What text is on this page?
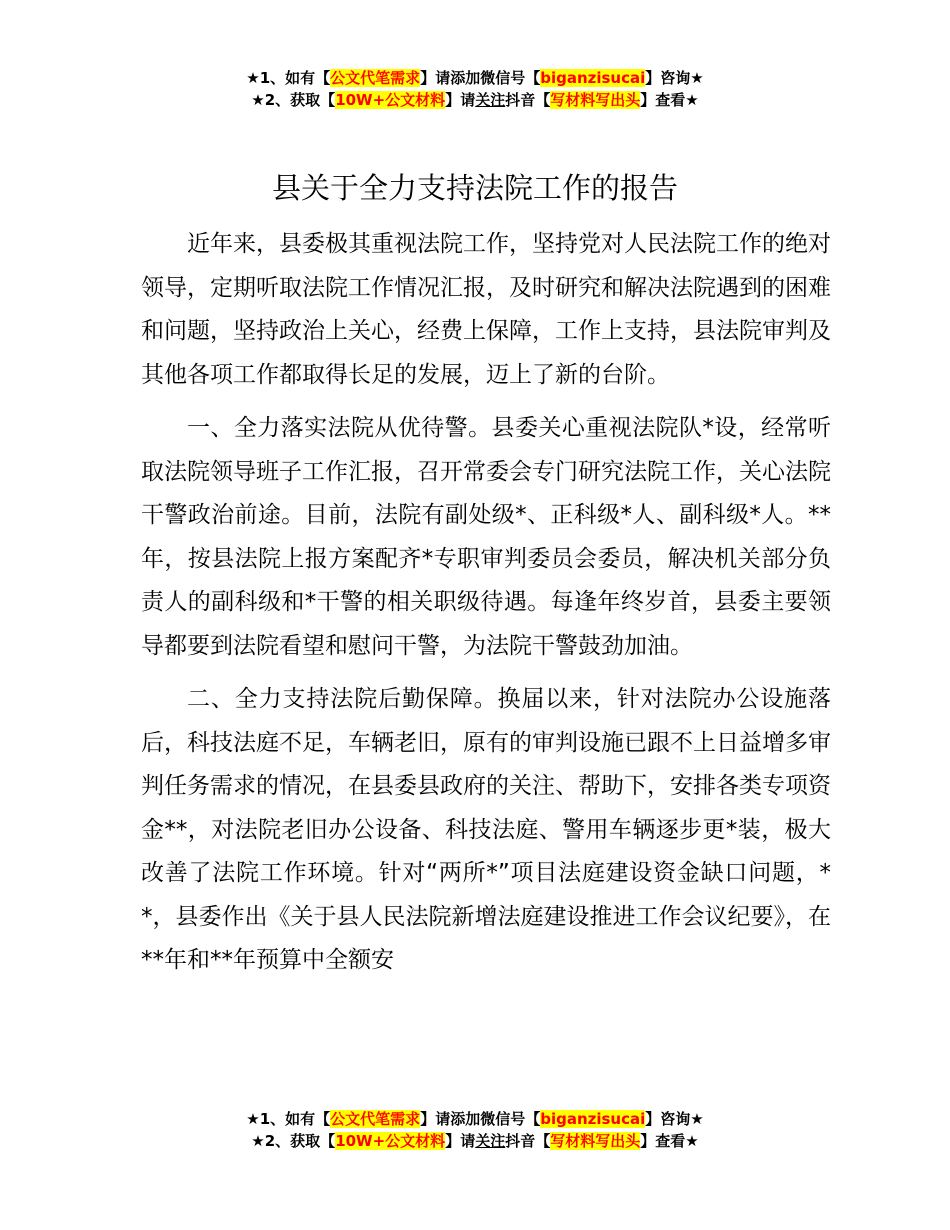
★1、如有【公文代笔需求】请添加微信号【biganzisucai】咨询★
★2、获取【10W+公文材料】请关注抖音【写材料写出头】查看★
县关于全力支持法院工作的报告

近年来，县委极其重视法院工作，坚持党对人民法院工作的绝对领导，定期听取法院工作情况汇报，及时研究和解决法院遇到的困难和问题，坚持政治上关心，经费上保障，工作上支持，县法院审判及其他各项工作都取得长足的发展，迈上了新的台阶。

一、全力落实法院从优待警。县委关心重视法院队*设，经常听取法院领导班子工作汇报，召开常委会专门研究法院工作，关心法院干警政治前途。目前，法院有副处级*、正科级*人、副科级*人。**年，按县法院上报方案配齐*专职审判委员会委员，解决机关部分负责人的副科级和*干警的相关职级待遇。每逢年终岁首，县委主要领导都要到法院看望和慰问干警，为法院干警鼓劲加油。

二、全力支持法院后勤保障。换届以来，针对法院办公设施落后，科技法庭不足，车辆老旧，原有的审判设施已跟不上日益增多审判任务需求的情况，在县委县政府的关注、帮助下，安排各类专项资金**，对法院老旧办公设备、科技法庭、警用车辆逐步更*装，极大改善了法院工作环境。针对“两所*”项目法庭建设资金缺口问题，**，县委作出《关于县人民法院新增法庭建设推进工作会议纪要》，在**年和**年预算中全额安

★1、如有【公文代笔需求】请添加微信号【biganzisucai】咨询★
★2、获取【10W+公文材料】请关注抖音【写材料写出头】查看★
